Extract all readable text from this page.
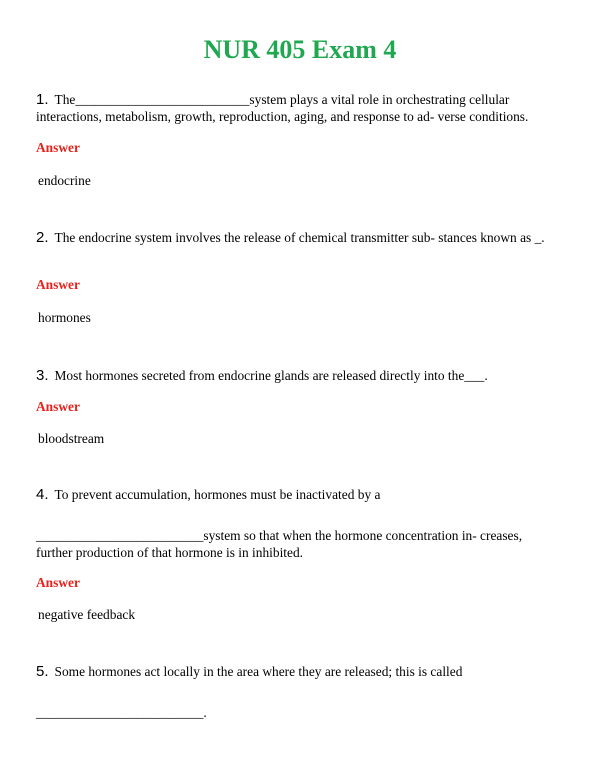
NUR 405 Exam 4
1. The__________________________system plays a vital role in orchestrating cellular interactions, metabolism, growth, reproduction, aging, and response to ad- verse conditions.
Answer
endocrine
2. The endocrine system involves the release of chemical transmitter sub- stances known as _.
Answer
hormones
3. Most hormones secreted from endocrine glands are released directly into the___.
Answer
bloodstream
4. To prevent accumulation, hormones must be inactivated by a
_________________________system so that when the hormone concentration in- creases, further production of that hormone is in inhibited.
Answer
negative feedback
5. Some hormones act locally in the area where they are released; this is called
_________________________.
